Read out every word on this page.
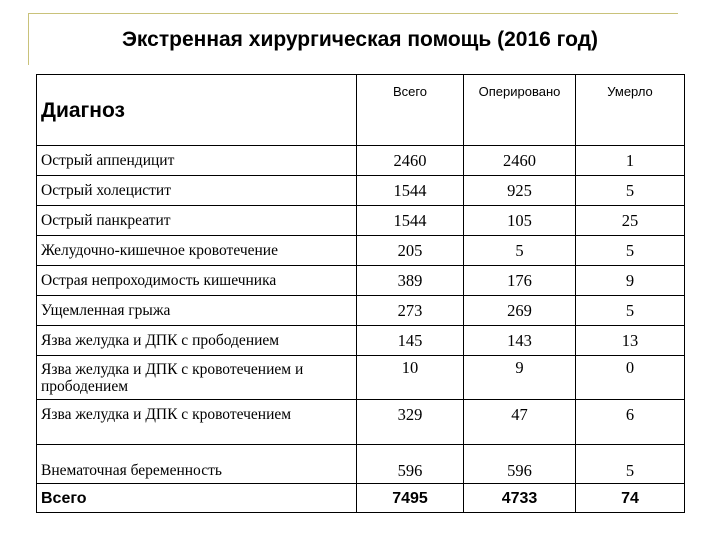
Экстренная хирургическая помощь (2016 год)
Диагноз	Всего	Оперировано	Умерло
Острый аппендицит	2460	2460	1
Острый холецистит	1544	925	5
Острый панкреатит	1544	105	25
Желудочно-кишечное кровотечение	205	5	5
Острая непроходимость кишечника	389	176	9
Ущемленная грыжа	273	269	5
Язва желудка и ДПК с прободением	145	143	13
Язва желудка и ДПК с кровотечением и прободением	10	9	0
Язва желудка и ДПК с кровотечением	329	47	6
Внематочная беременность	596	596	5
Всего	7495	4733	74
